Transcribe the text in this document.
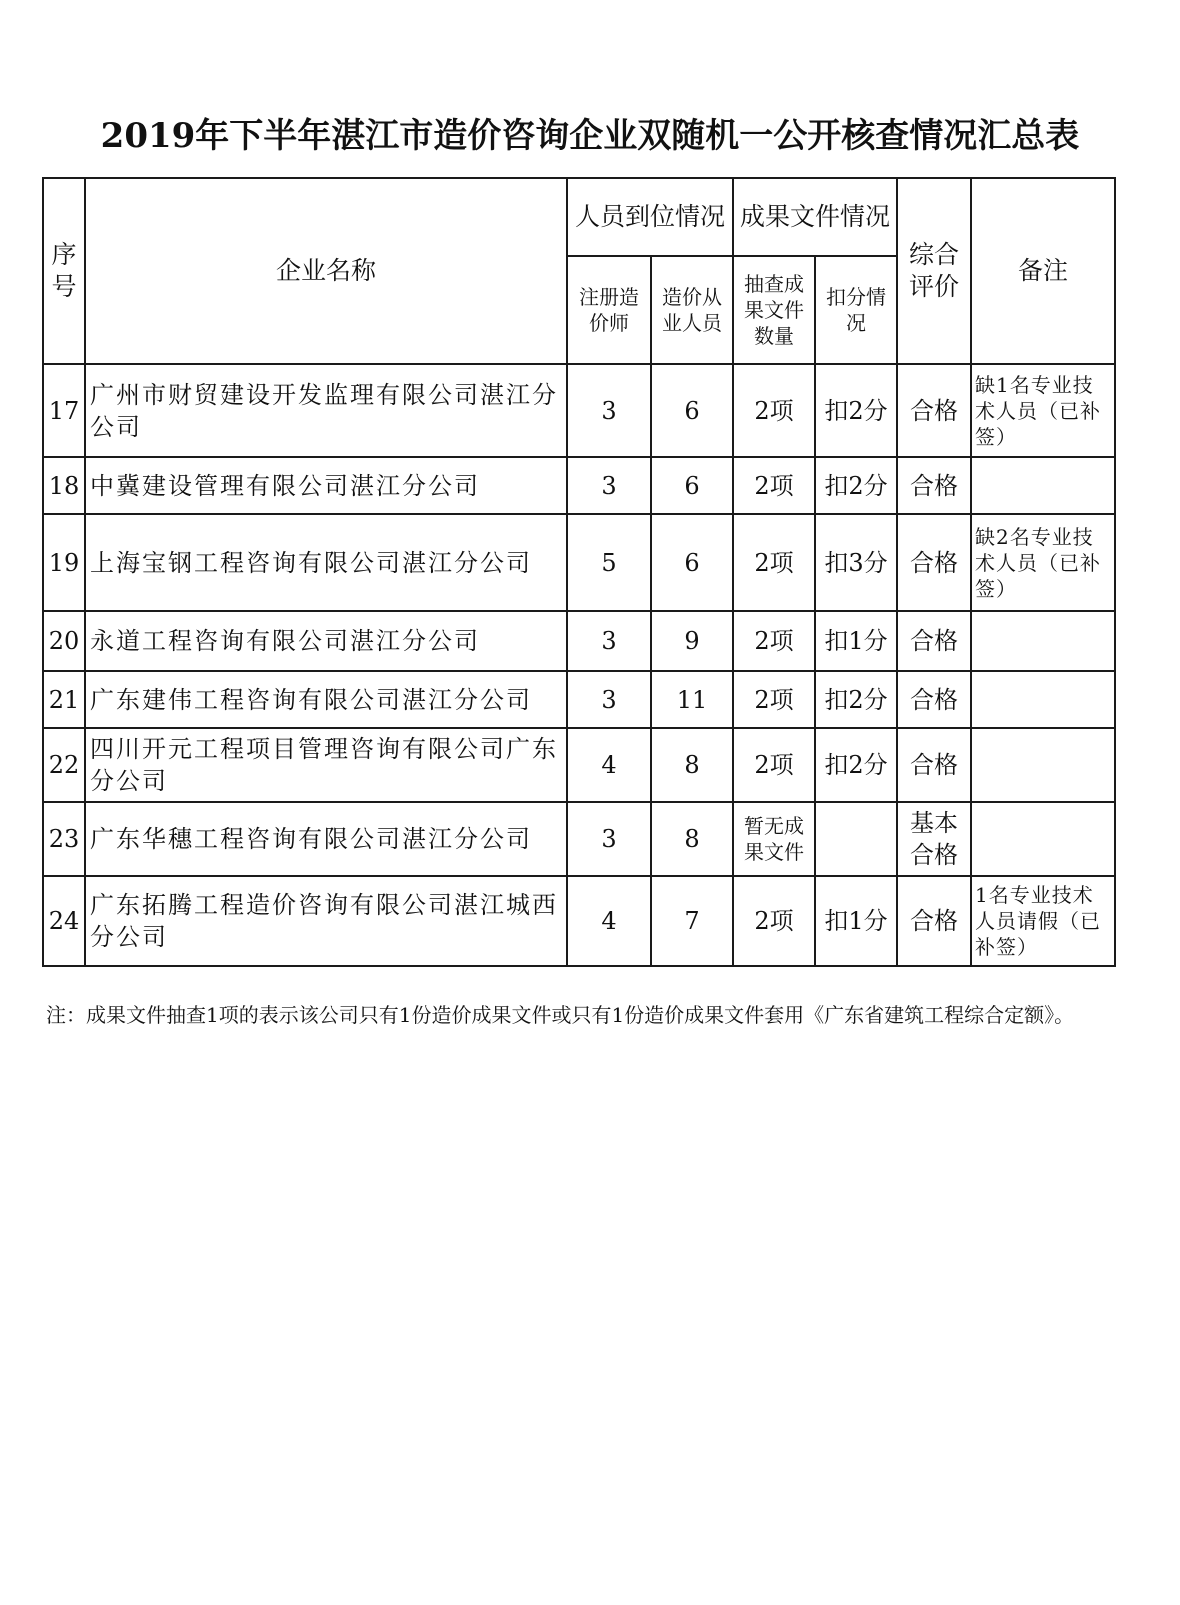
2019年下半年湛江市造价咨询企业双随机一公开核查情况汇总表
序号	企业名称	人员到位情况		成果文件情况		综合评价	备注
		注册造价师	造价从业人员	抽查成果文件数量	扣分情况		
17	广州市财贸建设开发监理有限公司湛江分公司	3	6	2项	扣2分	合格	缺1名专业技术人员（已补签）
18	中冀建设管理有限公司湛江分公司	3	6	2项	扣2分	合格	
19	上海宝钢工程咨询有限公司湛江分公司	5	6	2项	扣3分	合格	缺2名专业技术人员（已补签）
20	永道工程咨询有限公司湛江分公司	3	9	2项	扣1分	合格	
21	广东建伟工程咨询有限公司湛江分公司	3	11	2项	扣2分	合格	
22	四川开元工程项目管理咨询有限公司广东分公司	4	8	2项	扣2分	合格	
23	广东华穗工程咨询有限公司湛江分公司	3	8	暂无成果文件		基本合格	
24	广东拓腾工程造价咨询有限公司湛江城西分公司	4	7	2项	扣1分	合格	1名专业技术人员请假（已补签）
注：成果文件抽查1项的表示该公司只有1份造价成果文件或只有1份造价成果文件套用《广东省建筑工程综合定额》。
